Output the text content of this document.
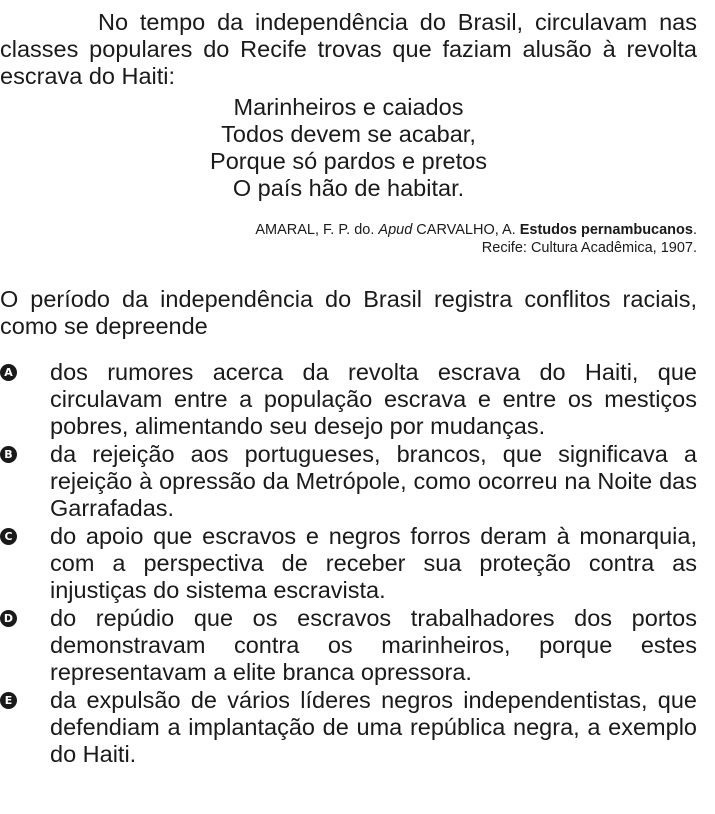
No tempo da independência do Brasil, circulavam nas classes populares do Recife trovas que faziam alusão à revolta escrava do Haiti:

Marinheiros e caiados
Todos devem se acabar,
Porque só pardos e pretos
O país hão de habitar.
AMARAL, F. P. do. Apud CARVALHO, A. Estudos pernambucanos.
Recife: Cultura Acadêmica, 1907.

O período da independência do Brasil registra conflitos raciais, como se depreende

A dos rumores acerca da revolta escrava do Haiti, que circulavam entre a população escrava e entre os mestiços pobres, alimentando seu desejo por mudanças.
B da rejeição aos portugueses, brancos, que significava a rejeição à opressão da Metrópole, como ocorreu na Noite das Garrafadas.
C do apoio que escravos e negros forros deram à monarquia, com a perspectiva de receber sua proteção contra as injustiças do sistema escravista.
D do repúdio que os escravos trabalhadores dos portos demonstravam contra os marinheiros, porque estes representavam a elite branca opressora.
E da expulsão de vários líderes negros independentistas, que defendiam a implantação de uma república negra, a exemplo do Haiti.
